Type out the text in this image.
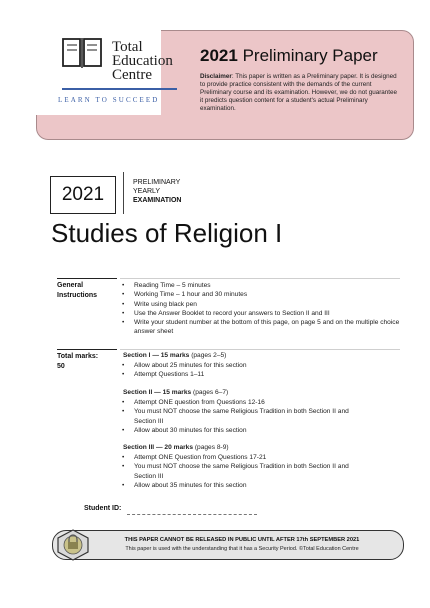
Total
Education
Centre
LEARN TO SUCCEED
2021 Preliminary Paper
Disclaimer: This paper is written as a Preliminary paper. It is designed to provide practice consistent with the demands of the current Preliminary course and its examination. However, we do not guarantee it predicts question content for a student's actual Preliminary examination.
2021
PRELIMINARY
YEARLY
EXAMINATION
Studies of Religion I
General
Instructions
• Reading Time – 5 minutes
• Working Time – 1 hour and 30 minutes
• Write using black pen
• Use the Answer Booklet to record your answers to Section II and III
• Write your student number at the bottom of this page, on page 5 and on the multiple choice answer sheet
Total marks:
50
Section I — 15 marks (pages 2–5)
• Allow about 25 minutes for this section
• Attempt Questions 1–11
Section II — 15 marks (pages 6–7)
• Attempt ONE question from Questions 12-16
• You must NOT choose the same Religious Tradition in both Section II and Section III
• Allow about 30 minutes for this section
Section III — 20 marks (pages 8-9)
• Attempt ONE Question from Questions 17-21
• You must NOT choose the same Religious Tradition in both Section II and Section III
• Allow about 35 minutes for this section
Student ID:
THIS PAPER CANNOT BE RELEASED IN PUBLIC UNTIL AFTER 17th SEPTEMBER 2021
This paper is used with the understanding that it has a Security Period. ©Total Education Centre
